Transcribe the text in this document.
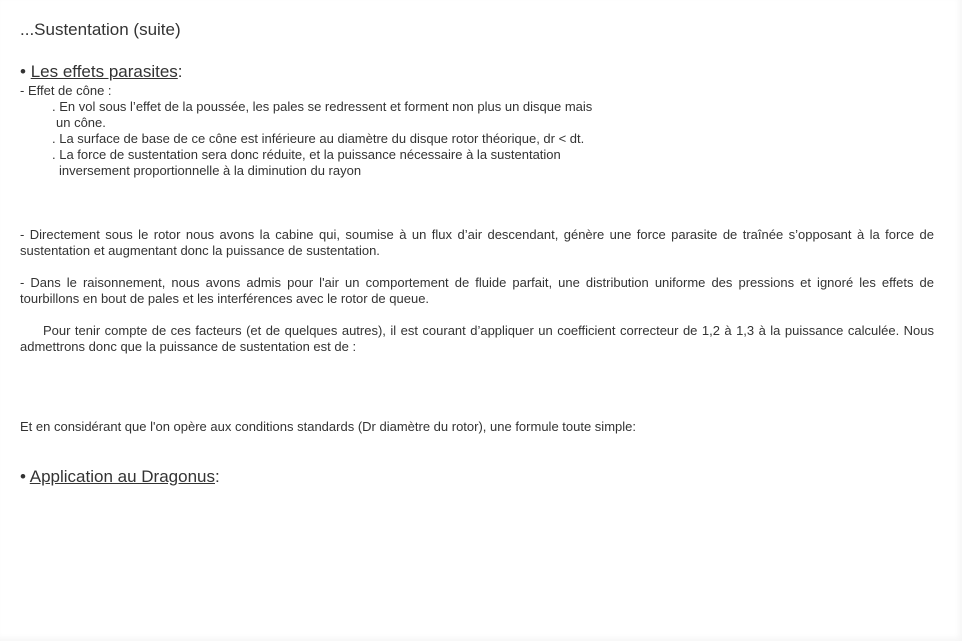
...Sustentation (suite)
• Les effets parasites:
- Effet de cône :
. En vol sous l’effet de la poussée, les pales se redressent et forment non plus un disque mais
un cône.
. La surface de base de ce cône est inférieure au diamètre du disque rotor théorique, dr < dt.
. La force de sustentation sera donc réduite, et la puissance nécessaire à la sustentation
inversement proportionnelle à la diminution du rayon
- Directement sous le rotor nous avons la cabine qui, soumise à un flux d’air descendant, génère une force parasite de traînée s’opposant à la force de sustentation et augmentant donc la puissance de sustentation.
- Dans le raisonnement, nous avons admis pour l'air un comportement de fluide parfait, une distribution uniforme des pressions et ignoré les effets de tourbillons en bout de pales et les interférences avec le rotor de queue.
Pour tenir compte de ces facteurs (et de quelques autres), il est courant d’appliquer un coefficient correcteur de 1,2 à 1,3 à la puissance calculée. Nous admettrons donc que la puissance de sustentation est de :
Et en considérant que l'on opère aux conditions standards (Dr diamètre du rotor), une formule toute simple:
• Application au Dragonus:
